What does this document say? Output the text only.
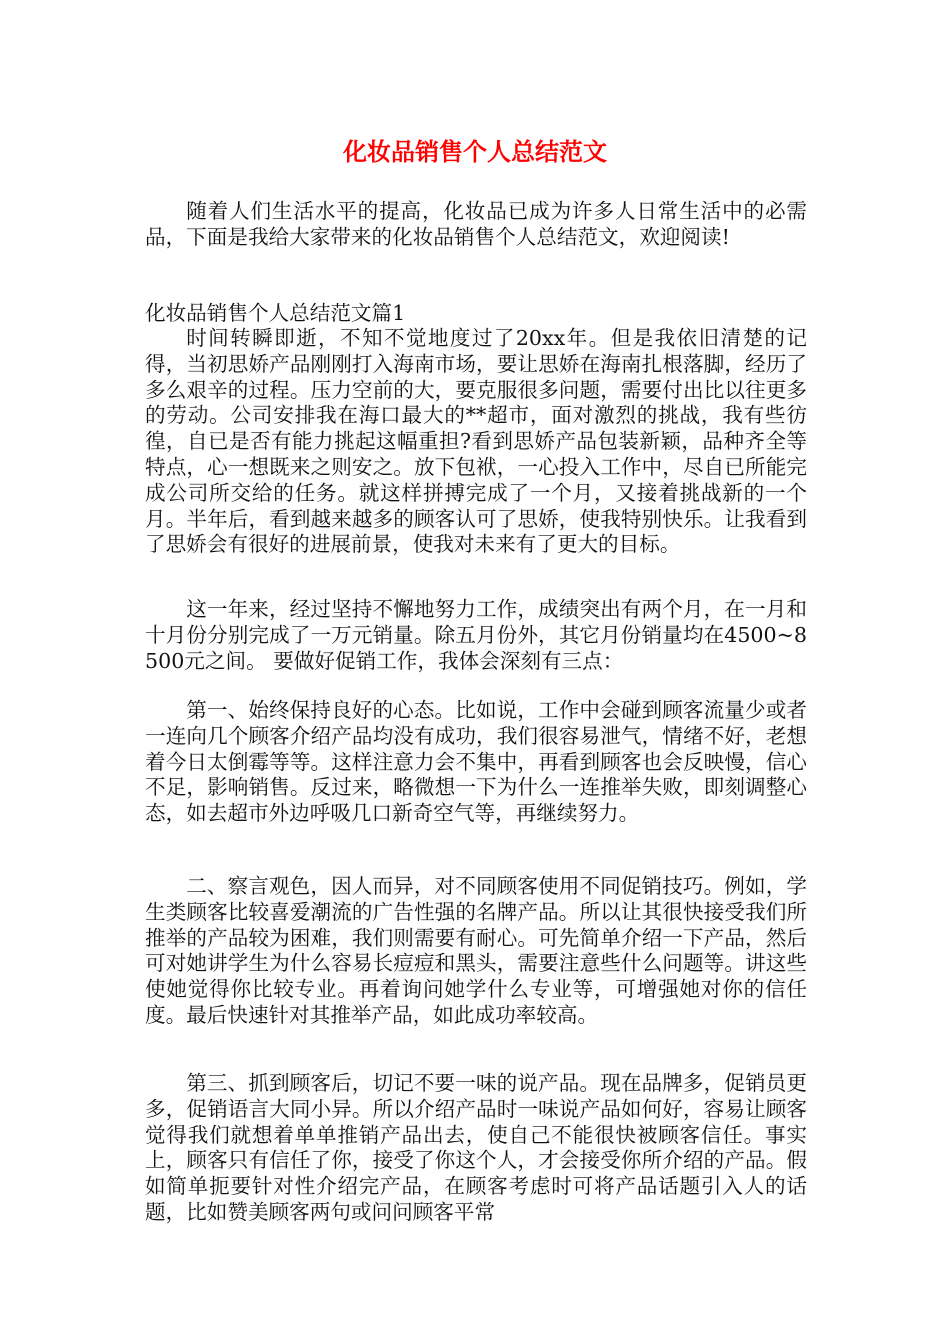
化妆品销售个人总结范文

随着人们生活水平的提高，化妆品已成为许多人日常生活中的必需品，下面是我给大家带来的化妆品销售个人总结范文，欢迎阅读!

化妆品销售个人总结范文篇1

时间转瞬即逝，不知不觉地度过了20xx年。但是我依旧清楚的记得，当初思娇产品刚刚打入海南市场，要让思娇在海南扎根落脚，经历了多么艰辛的过程。压力空前的大，要克服很多问题，需要付出比以往更多的劳动。公司安排我在海口最大的**超市，面对激烈的挑战，我有些彷徨，自已是否有能力挑起这幅重担?看到思娇产品包装新颖，品种齐全等特点，心一想既来之则安之。放下包袱，一心投入工作中，尽自已所能完成公司所交给的任务。就这样拼搏完成了一个月，又接着挑战新的一个月。半年后，看到越来越多的顾客认可了思娇，使我特别快乐。让我看到了思娇会有很好的进展前景，使我对未来有了更大的目标。

这一年来，经过坚持不懈地努力工作，成绩突出有两个月，在一月和十月份分别完成了一万元销量。除五月份外，其它月份销量均在4500~8500元之间。 要做好促销工作，我体会深刻有三点：

第一、始终保持良好的心态。比如说，工作中会碰到顾客流量少或者一连向几个顾客介绍产品均没有成功，我们很容易泄气，情绪不好，老想着今日太倒霉等等。这样注意力会不集中，再看到顾客也会反映慢，信心不足，影响销售。反过来，略微想一下为什么一连推举失败，即刻调整心态，如去超市外边呼吸几口新奇空气等，再继续努力。

二、察言观色，因人而异，对不同顾客使用不同促销技巧。例如，学生类顾客比较喜爱潮流的广告性强的名牌产品。所以让其很快接受我们所推举的产品较为困难，我们则需要有耐心。可先简单介绍一下产品，然后可对她讲学生为什么容易长痘痘和黑头，需要注意些什么问题等。讲这些使她觉得你比较专业。再着询问她学什么专业等，可增强她对你的信任度。最后快速针对其推举产品，如此成功率较高。

第三、抓到顾客后，切记不要一味的说产品。现在品牌多，促销员更多，促销语言大同小异。所以介绍产品时一味说产品如何好，容易让顾客觉得我们就想着单单推销产品出去，使自己不能很快被顾客信任。事实上，顾客只有信任了你，接受了你这个人，才会接受你所介绍的产品。假如简单扼要针对性介绍完产品，在顾客考虑时可将产品话题引入人的话题，比如赞美顾客两句或问问顾客平常
